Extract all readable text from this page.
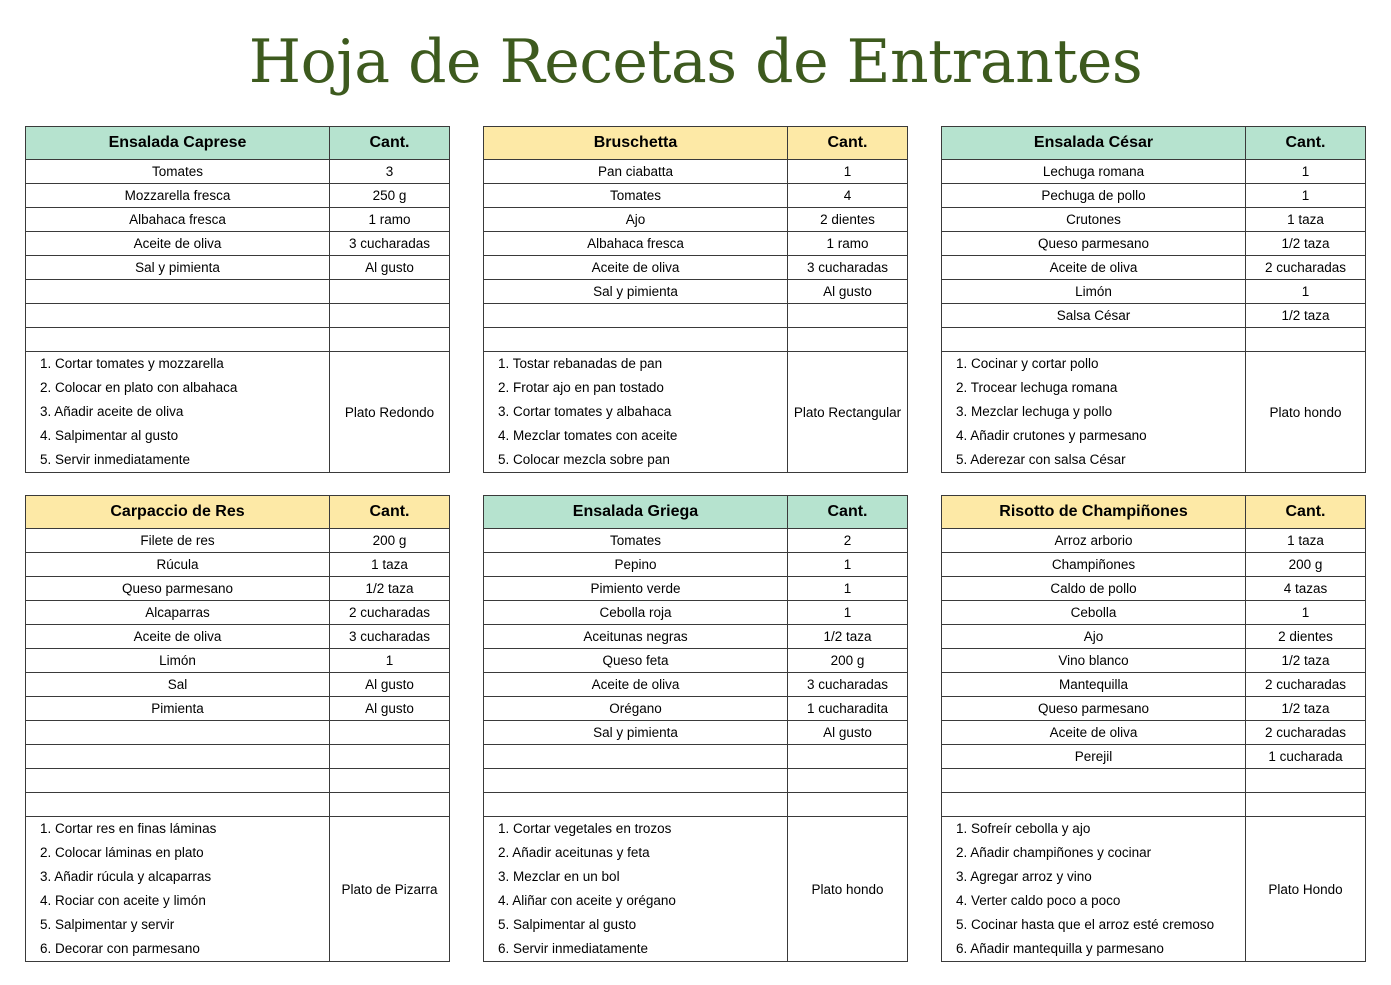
Hoja de Recetas de Entrantes
Ensalada Caprese	Cant.
Tomates	3
Mozzarella fresca	250 g
Albahaca fresca	1 ramo
Aceite de oliva	3 cucharadas
Sal y pimienta	Al gusto
1. Cortar tomates y mozzarella
2. Colocar en plato con albahaca
3. Añadir aceite de oliva
4. Salpimentar al gusto
5. Servir inmediatamente
Plato Redondo
Bruschetta	Cant.
Pan ciabatta	1
Tomates	4
Ajo	2 dientes
Albahaca fresca	1 ramo
Aceite de oliva	3 cucharadas
Sal y pimienta	Al gusto
1. Tostar rebanadas de pan
2. Frotar ajo en pan tostado
3. Cortar tomates y albahaca
4. Mezclar tomates con aceite
5. Colocar mezcla sobre pan
Plato Rectangular
Ensalada César	Cant.
Lechuga romana	1
Pechuga de pollo	1
Crutones	1 taza
Queso parmesano	1/2 taza
Aceite de oliva	2 cucharadas
Limón	1
Salsa César	1/2 taza
1. Cocinar y cortar pollo
2. Trocear lechuga romana
3. Mezclar lechuga y pollo
4. Añadir crutones y parmesano
5. Aderezar con salsa César
Plato hondo
Carpaccio de Res	Cant.
Filete de res	200 g
Rúcula	1 taza
Queso parmesano	1/2 taza
Alcaparras	2 cucharadas
Aceite de oliva	3 cucharadas
Limón	1
Sal	Al gusto
Pimienta	Al gusto
1. Cortar res en finas láminas
2. Colocar láminas en plato
3. Añadir rúcula y alcaparras
4. Rociar con aceite y limón
5. Salpimentar y servir
6. Decorar con parmesano
Plato de Pizarra
Ensalada Griega	Cant.
Tomates	2
Pepino	1
Pimiento verde	1
Cebolla roja	1
Aceitunas negras	1/2 taza
Queso feta	200 g
Aceite de oliva	3 cucharadas
Orégano	1 cucharadita
Sal y pimienta	Al gusto
1. Cortar vegetales en trozos
2. Añadir aceitunas y feta
3. Mezclar en un bol
4. Aliñar con aceite y orégano
5. Salpimentar al gusto
6. Servir inmediatamente
Plato hondo
Risotto de Champiñones	Cant.
Arroz arborio	1 taza
Champiñones	200 g
Caldo de pollo	4 tazas
Cebolla	1
Ajo	2 dientes
Vino blanco	1/2 taza
Mantequilla	2 cucharadas
Queso parmesano	1/2 taza
Aceite de oliva	2 cucharadas
Perejil	1 cucharada
1. Sofreír cebolla y ajo
2. Añadir champiñones y cocinar
3. Agregar arroz y vino
4. Verter caldo poco a poco
5. Cocinar hasta que el arroz esté cremoso
6. Añadir mantequilla y parmesano
Plato Hondo
